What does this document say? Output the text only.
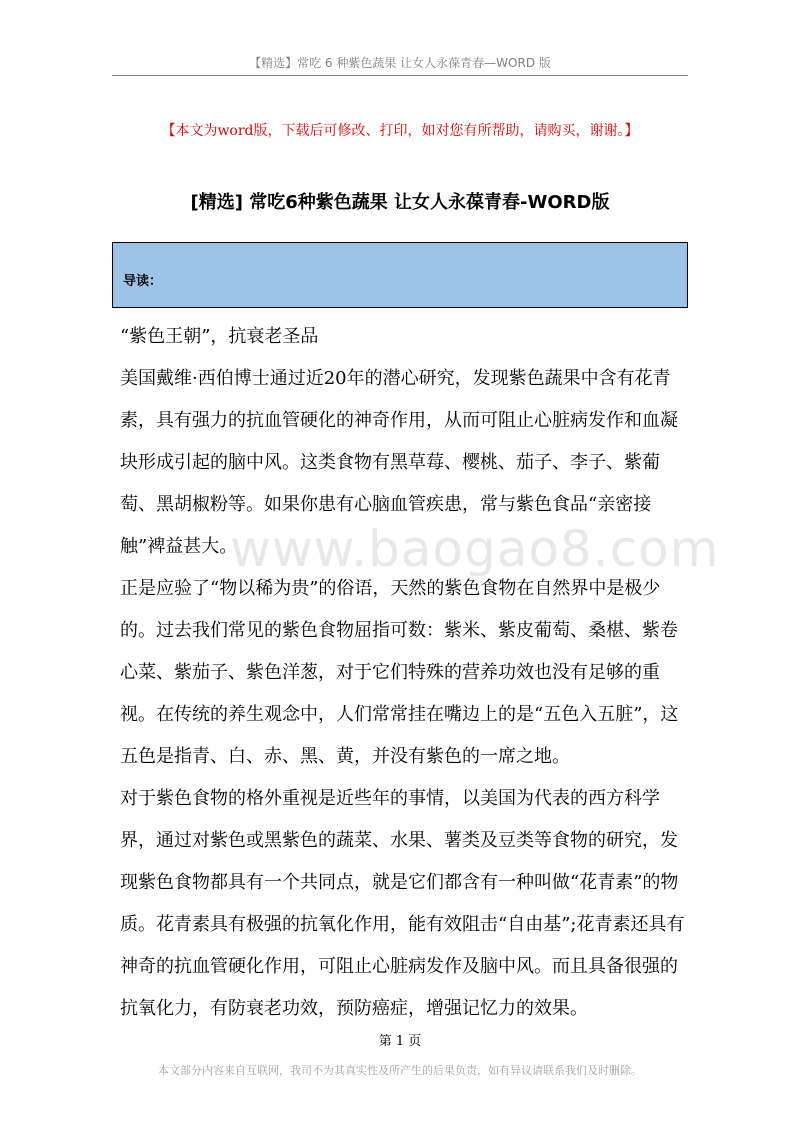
【精选】常吃 6 种紫色蔬果 让女人永葆青春—WORD 版
【本文为word版，下载后可修改、打印，如对您有所帮助，请购买，谢谢。】
[精选] 常吃6种紫色蔬果 让女人永葆青春-WORD版
导读：

“紫色王朝”，抗衰老圣品

美国戴维·西伯博士通过近20年的潜心研究，发现紫色蔬果中含有花青素，具有强力的抗血管硬化的神奇作用，从而可阻止心脏病发作和血凝块形成引起的脑中风。这类食物有黑草莓、樱桃、茄子、李子、紫葡萄、黑胡椒粉等。如果你患有心脑血管疾患，常与紫色食品“亲密接触”裨益甚大。

正是应验了“物以稀为贵”的俗语，天然的紫色食物在自然界中是极少的。过去我们常见的紫色食物屈指可数：紫米、紫皮葡萄、桑椹、紫卷心菜、紫茄子、紫色洋葱，对于它们特殊的营养功效也没有足够的重视。在传统的养生观念中，人们常常挂在嘴边上的是“五色入五脏”，这五色是指青、白、赤、黑、黄，并没有紫色的一席之地。

对于紫色食物的格外重视是近些年的事情，以美国为代表的西方科学界，通过对紫色或黑紫色的蔬菜、水果、薯类及豆类等食物的研究，发现紫色食物都具有一个共同点，就是它们都含有一种叫做“花青素”的物质。花青素具有极强的抗氧化作用，能有效阻击“自由基”;花青素还具有神奇的抗血管硬化作用，可阻止心脏病发作及脑中风。而且具备很强的抗氧化力，有防衰老功效，预防癌症，增强记忆力的效果。

www.baogao8.com
第 1 页
本文部分内容来自互联网，我司不为其真实性及所产生的后果负责，如有异议请联系我们及时删除。
